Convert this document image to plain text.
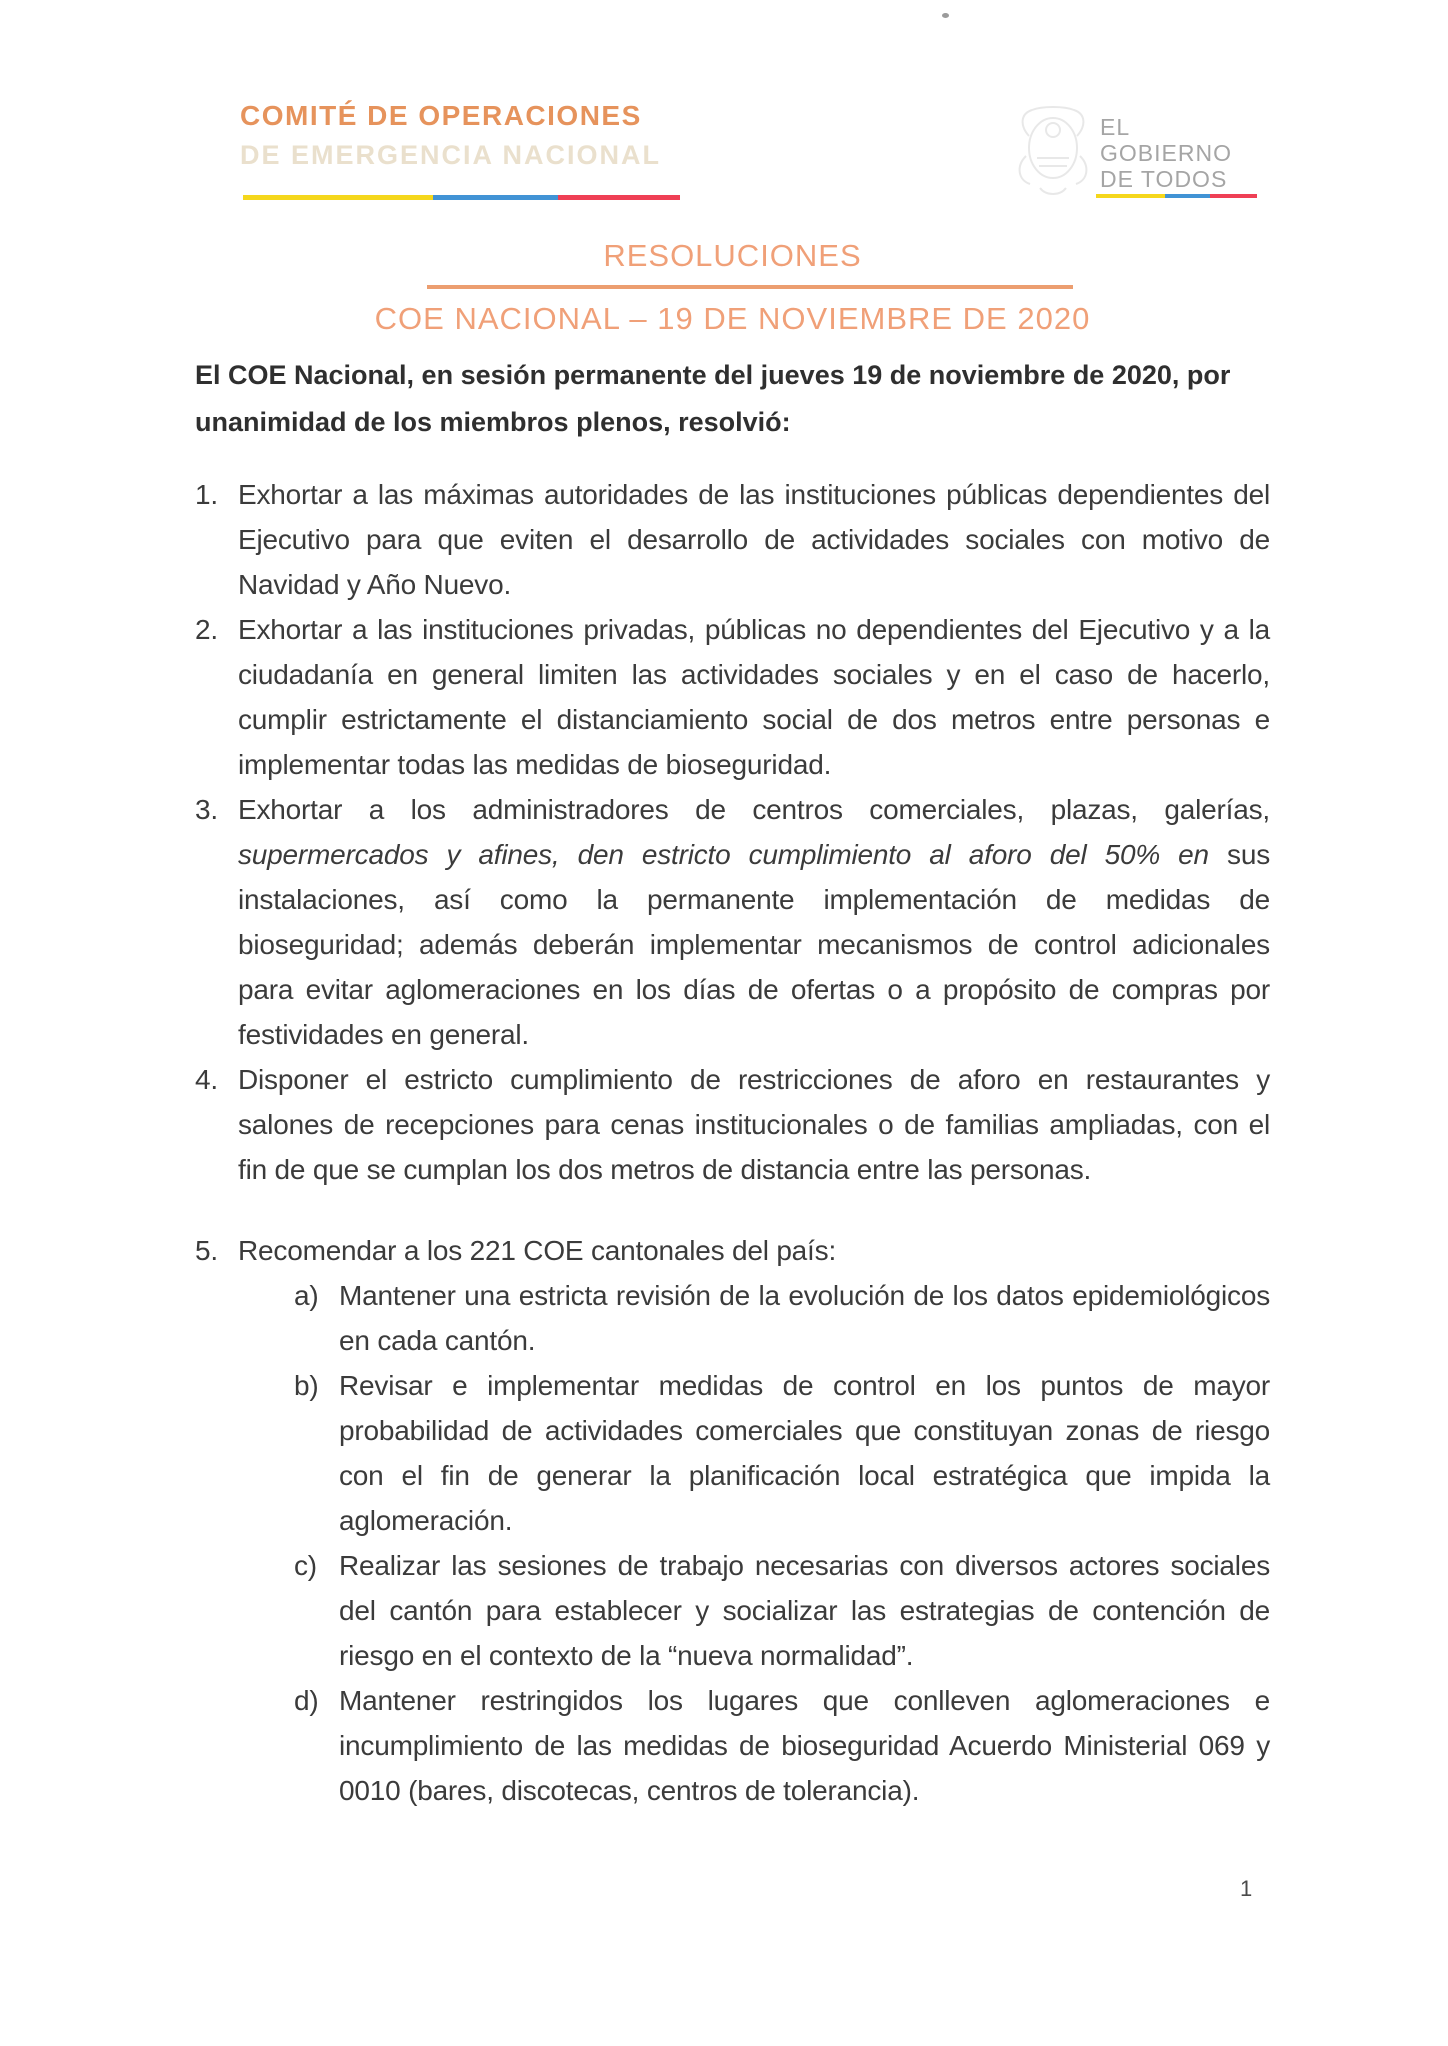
COMITÉ DE OPERACIONES
DE EMERGENCIA NACIONAL
EL
GOBIERNO
DE TODOS
RESOLUCIONES
COE NACIONAL – 19 DE NOVIEMBRE DE 2020
El COE Nacional, en sesión permanente del jueves 19 de noviembre de 2020, por unanimidad de los miembros plenos, resolvió:
1. Exhortar a las máximas autoridades de las instituciones públicas dependientes del Ejecutivo para que eviten el desarrollo de actividades sociales con motivo de Navidad y Año Nuevo.
2. Exhortar a las instituciones privadas, públicas no dependientes del Ejecutivo y a la ciudadanía en general limiten las actividades sociales y en el caso de hacerlo, cumplir estrictamente el distanciamiento social de dos metros entre personas e implementar todas las medidas de bioseguridad.
3. Exhortar a los administradores de centros comerciales, plazas, galerías, supermercados y afines, den estricto cumplimiento al aforo del 50% en sus instalaciones, así como la permanente implementación de medidas de bioseguridad; además deberán implementar mecanismos de control adicionales para evitar aglomeraciones en los días de ofertas o a propósito de compras por festividades en general.
4. Disponer el estricto cumplimiento de restricciones de aforo en restaurantes y salones de recepciones para cenas institucionales o de familias ampliadas, con el fin de que se cumplan los dos metros de distancia entre las personas.
5. Recomendar a los 221 COE cantonales del país:
a) Mantener una estricta revisión de la evolución de los datos epidemiológicos en cada cantón.
b) Revisar e implementar medidas de control en los puntos de mayor probabilidad de actividades comerciales que constituyan zonas de riesgo con el fin de generar la planificación local estratégica que impida la aglomeración.
c) Realizar las sesiones de trabajo necesarias con diversos actores sociales del cantón para establecer y socializar las estrategias de contención de riesgo en el contexto de la “nueva normalidad”.
d) Mantener restringidos los lugares que conlleven aglomeraciones e incumplimiento de las medidas de bioseguridad Acuerdo Ministerial 069 y 0010 (bares, discotecas, centros de tolerancia).
1
